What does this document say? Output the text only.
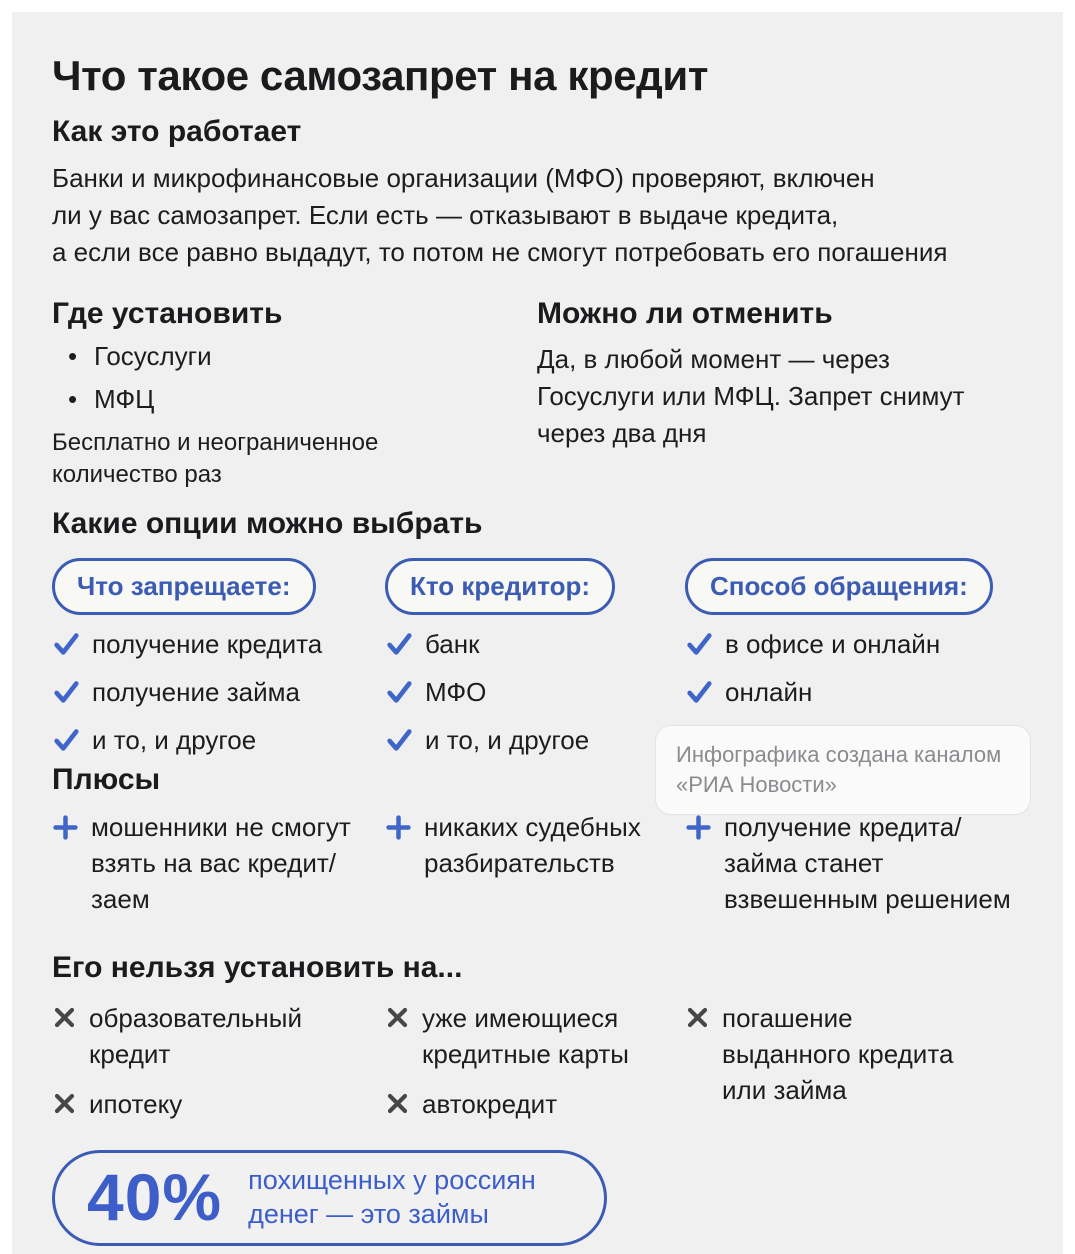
Что такое самозапрет на кредит
Как это работает
Банки и микрофинансовые организации (МФО) проверяют, включен
ли у вас самозапрет. Если есть — отказывают в выдаче кредита,
а если все равно выдадут, то потом не смогут потребовать его погашения
Где установить
• Госуслуги
• МФЦ
Бесплатно и неограниченное количество раз
Можно ли отменить
Да, в любой момент — через
Госуслуги или МФЦ. Запрет снимут
через два дня
Какие опции можно выбрать
Что запрещаете:	Кто кредитор:	Способ обращения:
получение кредита
получение займа
и то, и другое
банк
МФО
и то, и другое
в офисе и онлайн
онлайн
Инфографика создана каналом «РИА Новости»
Плюсы
мошенники не смогут взять на вас кредит/заем
никаких судебных разбирательств
получение кредита/займа станет взвешенным решением
Его нельзя установить на...
образовательный кредит
ипотеку
уже имеющиеся кредитные карты
автокредит
погашение выданного кредита или займа
40% похищенных у россиян денег — это займы
